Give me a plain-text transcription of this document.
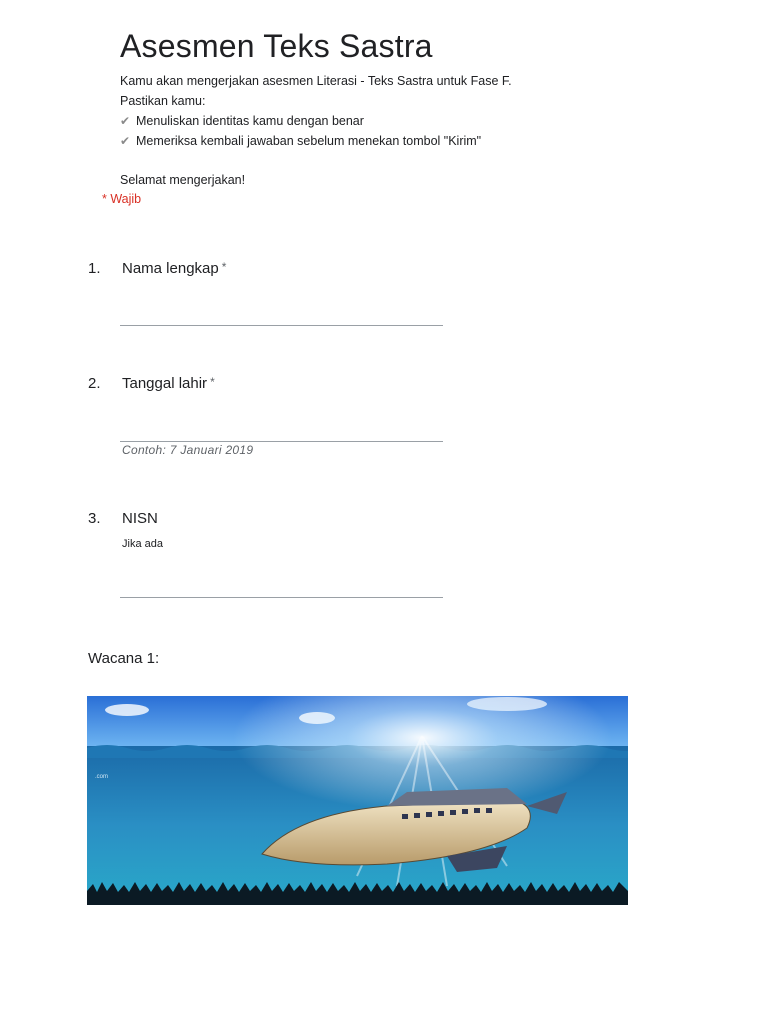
Asesmen Teks Sastra
Kamu akan mengerjakan asesmen Literasi - Teks Sastra untuk Fase F.
Pastikan kamu:
✔ Menuliskan identitas kamu dengan benar
✔ Memeriksa kembali jawaban sebelum menekan tombol "Kirim"
Selamat mengerjakan!
* Wajib
1. Nama lengkap *
2. Tanggal lahir *
Contoh: 7 Januari 2019
3. NISN
Jika ada
Wacana 1:
.com
